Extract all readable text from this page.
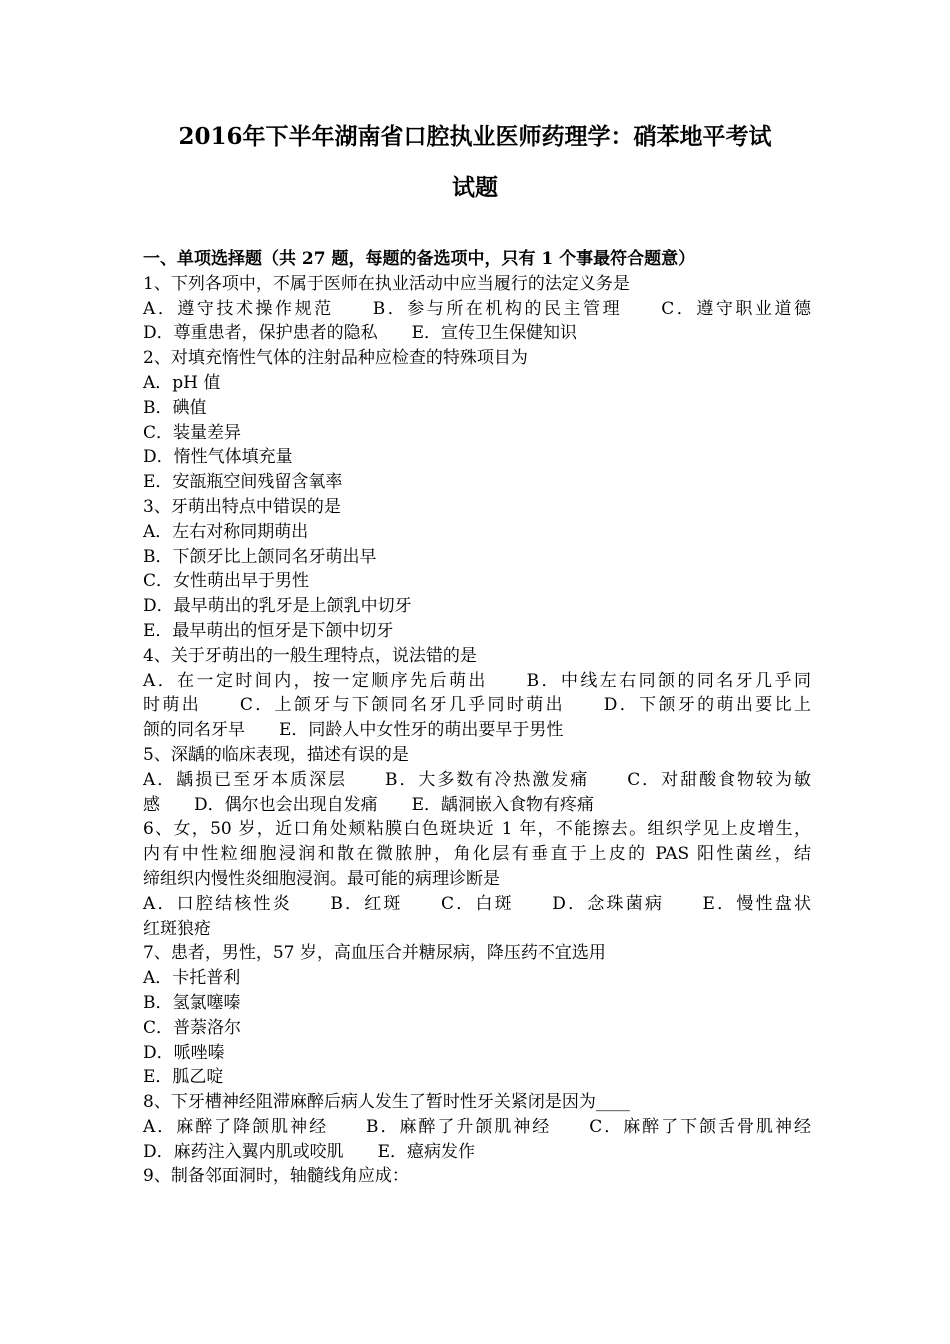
2016年下半年湖南省口腔执业医师药理学：硝苯地平考试
试题
一、单项选择题（共 27 题，每题的备选项中，只有 1 个事最符合题意）
1、下列各项中，不属于医师在执业活动中应当履行的法定义务是
A．遵守技术操作规范　　B．参与所在机构的民主管理　　C．遵守职业道德
D．尊重患者，保护患者的隐私　　E．宣传卫生保健知识
2、对填充惰性气体的注射品种应检查的特殊项目为
A．pH 值
B．碘值
C．装量差异
D．惰性气体填充量
E．安瓿瓶空间残留含氧率
3、牙萌出特点中错误的是
A．左右对称同期萌出
B．下颌牙比上颌同名牙萌出早
C．女性萌出早于男性
D．最早萌出的乳牙是上颌乳中切牙
E．最早萌出的恒牙是下颌中切牙
4、关于牙萌出的一般生理特点，说法错的是
A．在一定时间内，按一定顺序先后萌出　　B．中线左右同颌的同名牙几乎同
时萌出　　C．上颌牙与下颌同名牙几乎同时萌出　　D．下颌牙的萌出要比上
颌的同名牙早　　E．同龄人中女性牙的萌出要早于男性
5、深龋的临床表现，描述有误的是
A．龋损已至牙本质深层　　B．大多数有冷热激发痛　　C．对甜酸食物较为敏
感　　D．偶尔也会出现自发痛　　E．龋洞嵌入食物有疼痛
6、女，50 岁，近口角处颊粘膜白色斑块近 1 年，不能擦去。组织学见上皮增生，
内有中性粒细胞浸润和散在微脓肿，角化层有垂直于上皮的 PAS 阳性菌丝，结
缔组织内慢性炎细胞浸润。最可能的病理诊断是
A．口腔结核性炎　　B．红斑　　C．白斑　　D．念珠菌病　　E．慢性盘状
红斑狼疮
7、患者，男性，57 岁，高血压合并糖尿病，降压药不宜选用
A．卡托普利
B．氢氯噻嗪
C．普萘洛尔
D．哌唑嗪
E．胍乙啶
8、下牙槽神经阻滞麻醉后病人发生了暂时性牙关紧闭是因为____
A．麻醉了降颌肌神经　　B．麻醉了升颌肌神经　　C．麻醉了下颌舌骨肌神经
D．麻药注入翼内肌或咬肌　　E．癔病发作
9、制备邻面洞时，轴髓线角应成：
